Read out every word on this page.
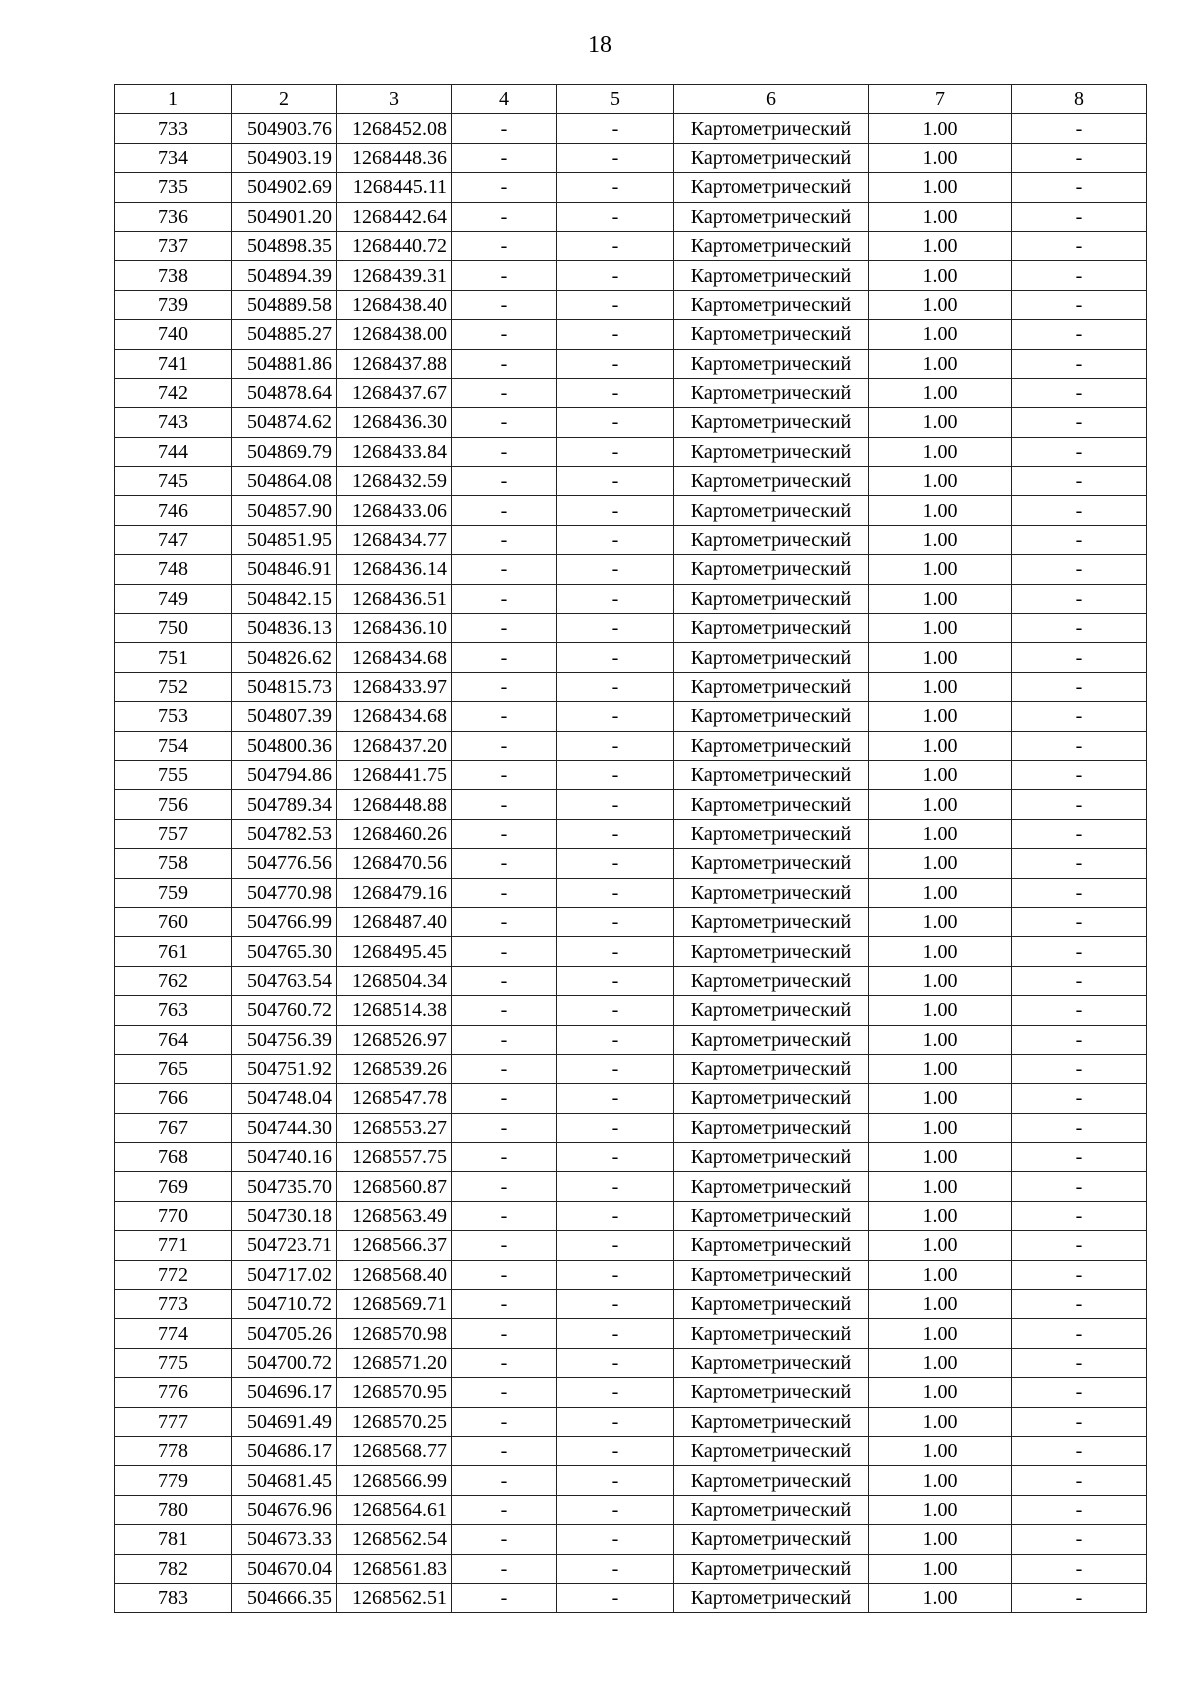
18
1	2	3	4	5	6	7	8
733	504903.76	1268452.08	-	-	Картометрический	1.00	-
734	504903.19	1268448.36	-	-	Картометрический	1.00	-
735	504902.69	1268445.11	-	-	Картометрический	1.00	-
736	504901.20	1268442.64	-	-	Картометрический	1.00	-
737	504898.35	1268440.72	-	-	Картометрический	1.00	-
738	504894.39	1268439.31	-	-	Картометрический	1.00	-
739	504889.58	1268438.40	-	-	Картометрический	1.00	-
740	504885.27	1268438.00	-	-	Картометрический	1.00	-
741	504881.86	1268437.88	-	-	Картометрический	1.00	-
742	504878.64	1268437.67	-	-	Картометрический	1.00	-
743	504874.62	1268436.30	-	-	Картометрический	1.00	-
744	504869.79	1268433.84	-	-	Картометрический	1.00	-
745	504864.08	1268432.59	-	-	Картометрический	1.00	-
746	504857.90	1268433.06	-	-	Картометрический	1.00	-
747	504851.95	1268434.77	-	-	Картометрический	1.00	-
748	504846.91	1268436.14	-	-	Картометрический	1.00	-
749	504842.15	1268436.51	-	-	Картометрический	1.00	-
750	504836.13	1268436.10	-	-	Картометрический	1.00	-
751	504826.62	1268434.68	-	-	Картометрический	1.00	-
752	504815.73	1268433.97	-	-	Картометрический	1.00	-
753	504807.39	1268434.68	-	-	Картометрический	1.00	-
754	504800.36	1268437.20	-	-	Картометрический	1.00	-
755	504794.86	1268441.75	-	-	Картометрический	1.00	-
756	504789.34	1268448.88	-	-	Картометрический	1.00	-
757	504782.53	1268460.26	-	-	Картометрический	1.00	-
758	504776.56	1268470.56	-	-	Картометрический	1.00	-
759	504770.98	1268479.16	-	-	Картометрический	1.00	-
760	504766.99	1268487.40	-	-	Картометрический	1.00	-
761	504765.30	1268495.45	-	-	Картометрический	1.00	-
762	504763.54	1268504.34	-	-	Картометрический	1.00	-
763	504760.72	1268514.38	-	-	Картометрический	1.00	-
764	504756.39	1268526.97	-	-	Картометрический	1.00	-
765	504751.92	1268539.26	-	-	Картометрический	1.00	-
766	504748.04	1268547.78	-	-	Картометрический	1.00	-
767	504744.30	1268553.27	-	-	Картометрический	1.00	-
768	504740.16	1268557.75	-	-	Картометрический	1.00	-
769	504735.70	1268560.87	-	-	Картометрический	1.00	-
770	504730.18	1268563.49	-	-	Картометрический	1.00	-
771	504723.71	1268566.37	-	-	Картометрический	1.00	-
772	504717.02	1268568.40	-	-	Картометрический	1.00	-
773	504710.72	1268569.71	-	-	Картометрический	1.00	-
774	504705.26	1268570.98	-	-	Картометрический	1.00	-
775	504700.72	1268571.20	-	-	Картометрический	1.00	-
776	504696.17	1268570.95	-	-	Картометрический	1.00	-
777	504691.49	1268570.25	-	-	Картометрический	1.00	-
778	504686.17	1268568.77	-	-	Картометрический	1.00	-
779	504681.45	1268566.99	-	-	Картометрический	1.00	-
780	504676.96	1268564.61	-	-	Картометрический	1.00	-
781	504673.33	1268562.54	-	-	Картометрический	1.00	-
782	504670.04	1268561.83	-	-	Картометрический	1.00	-
783	504666.35	1268562.51	-	-	Картометрический	1.00	-
